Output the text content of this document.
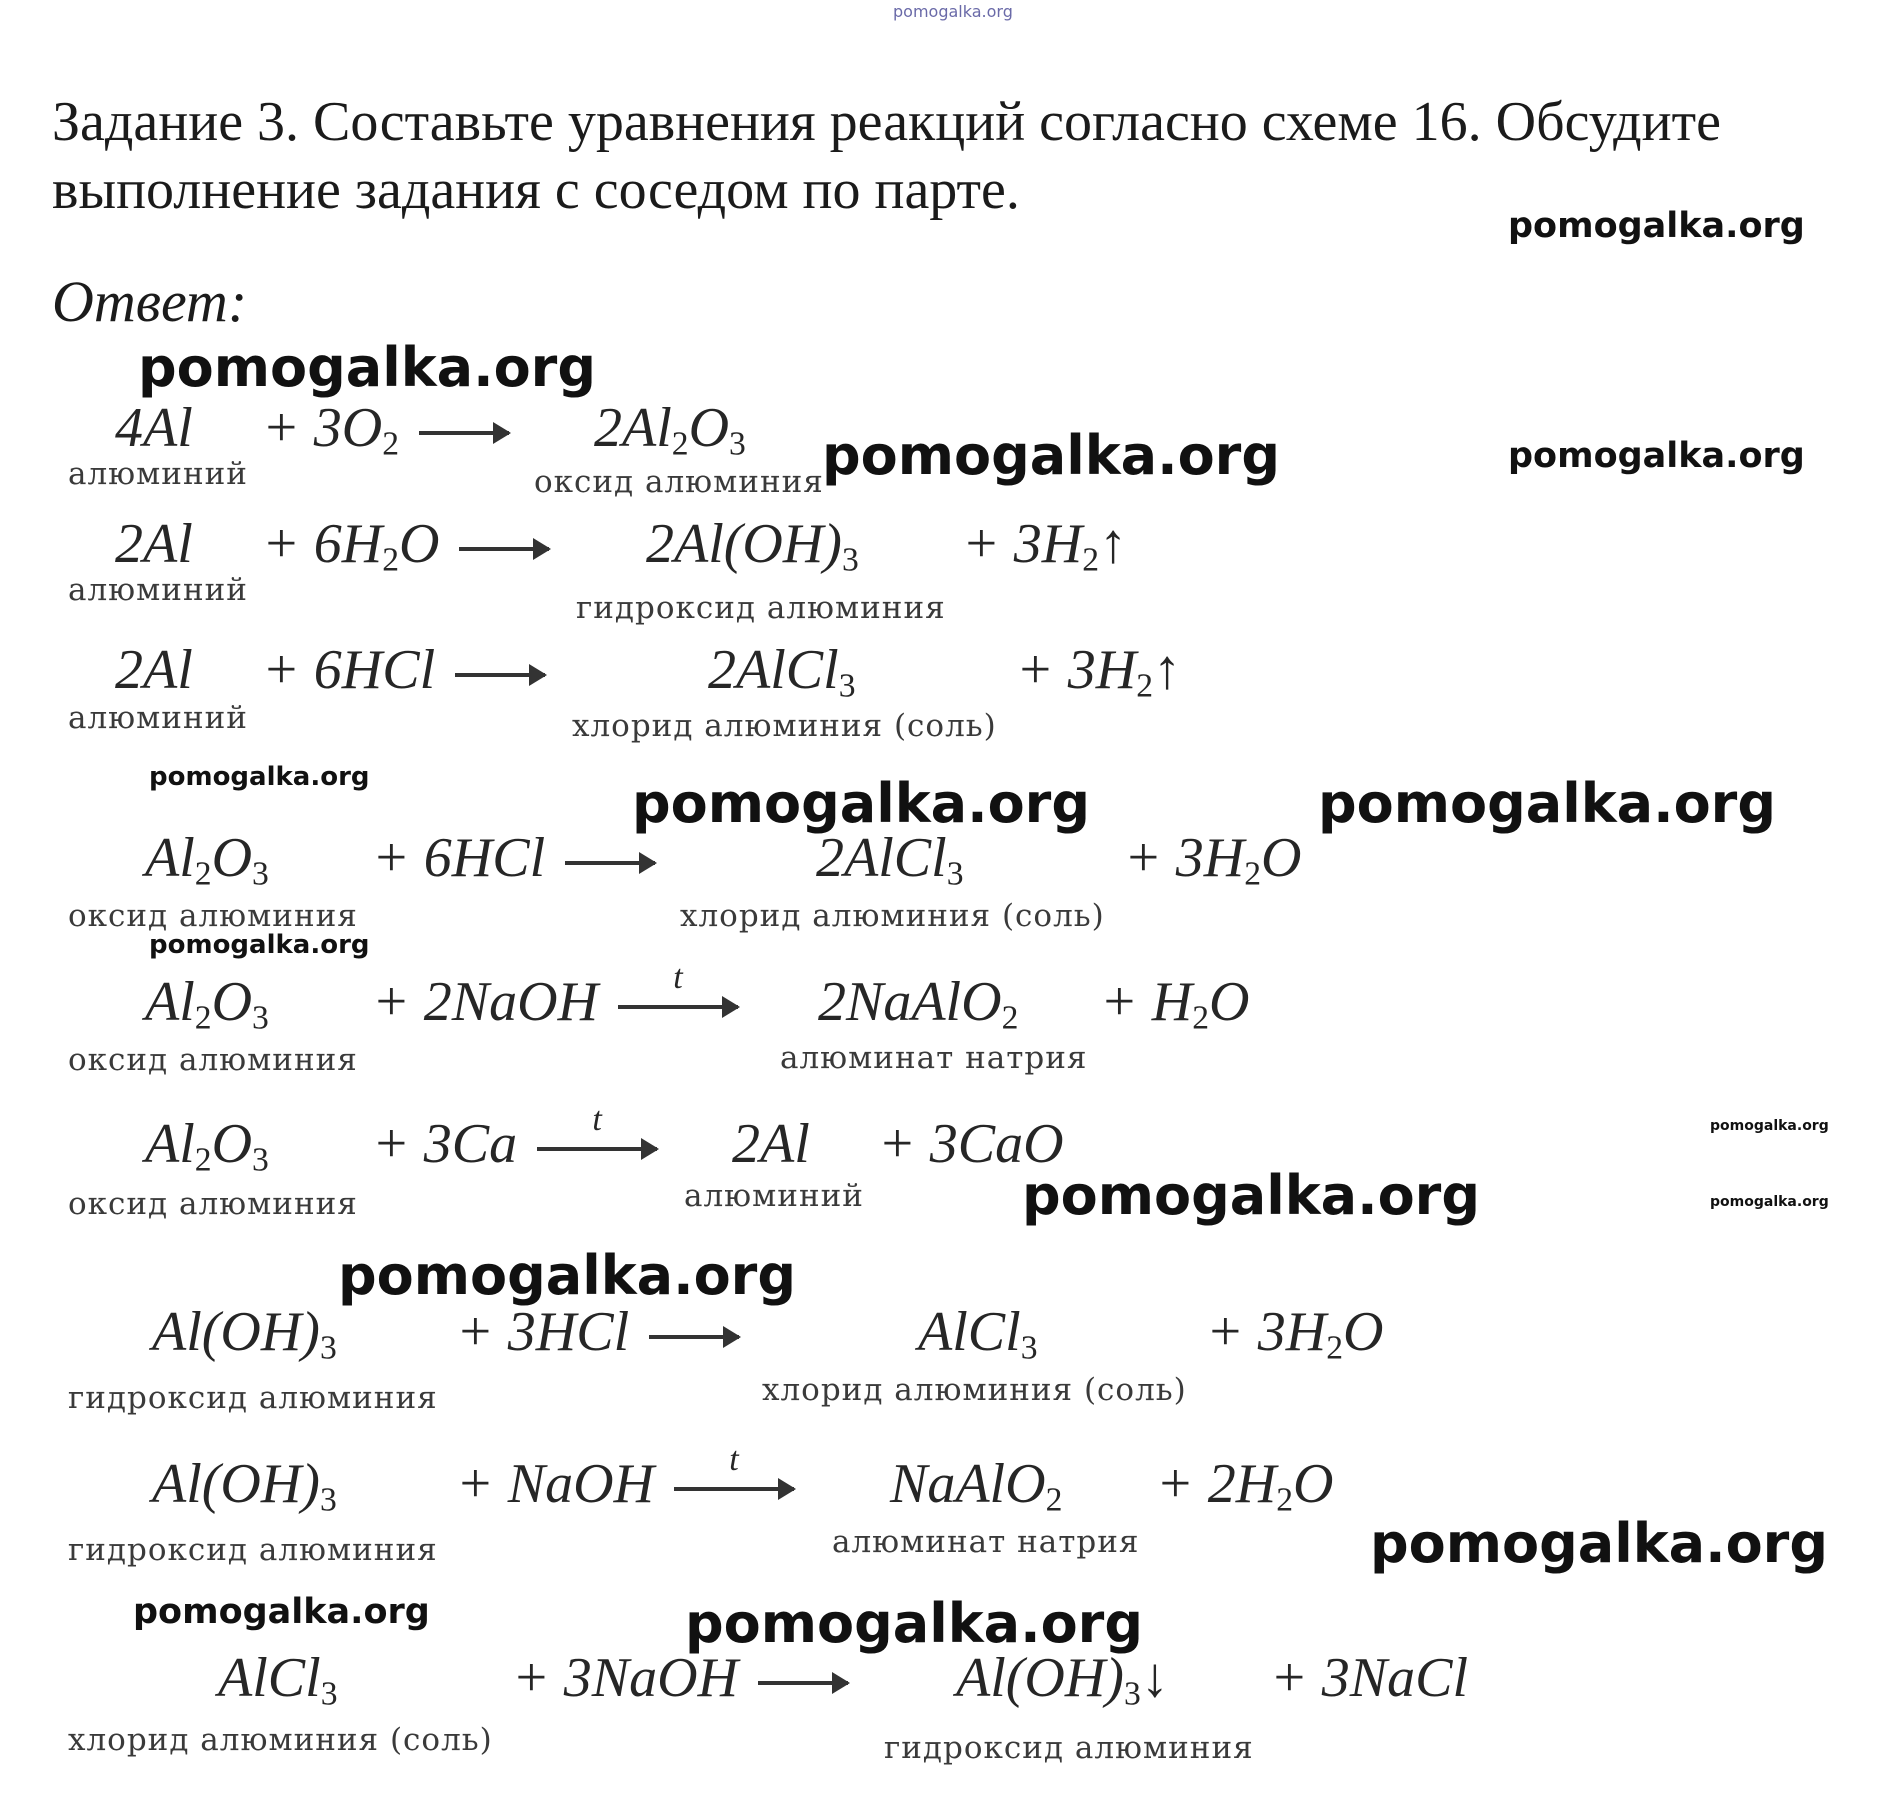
pomogalka.org
Задание 3. Составьте уравнения реакций согласно схеме 16. Обсудите выполнение задания с соседом по парте.
Ответ:
pomogalka.org
pomogalka.org
pomogalka.org	pomogalka.org
pomogalka.org	pomogalka.org	pomogalka.org
pomogalka.org
pomogalka.org
pomogalka.org	pomogalka.org
pomogalka.org
pomogalka.org
pomogalka.org	pomogalka.org
$4Al + 3O_2 \to 2Al_2O_3$
алюминий	оксид алюминия
$2Al + 6H_2O \to 2Al(OH)_3$ + $3H_2↑$
алюминий	гидроксид алюминия
2Al + 6HCl →	2AlCl$_3$	+ $3H_2↑$
алюминий	хлорид алюминия (соль)
$Al_2O_3 + 6HCl$ →	2AlCl$_3$	+ $3H_2O$
оксид алюминия	хлорид алюминия (соль)
$Al_2O_3$ + 2NaOH t 2NaAlO$_2$ + $H_2O$
оксид алюминия	алюминат натрия
$Al_2O_3 + 3Ca$ t 2Al + 3CaO
оксид алюминия	алюминий
$Al(OH)_3 + 3HCl$ →	AlCl$_3$	+ $3H_2O$
гидроксид алюминия	хлорид алюминия (соль)
$Al(OH)_3$ + NaOH t	NaAlO$_2$ + $2H_2O$
гидроксид алюминия	алюминат натрия
AlCl$_3$	+ 3NaOH → $Al(OH)_3↓$ + 3NaCl
хлорид алюминия (соль)	гидроксид алюминия
